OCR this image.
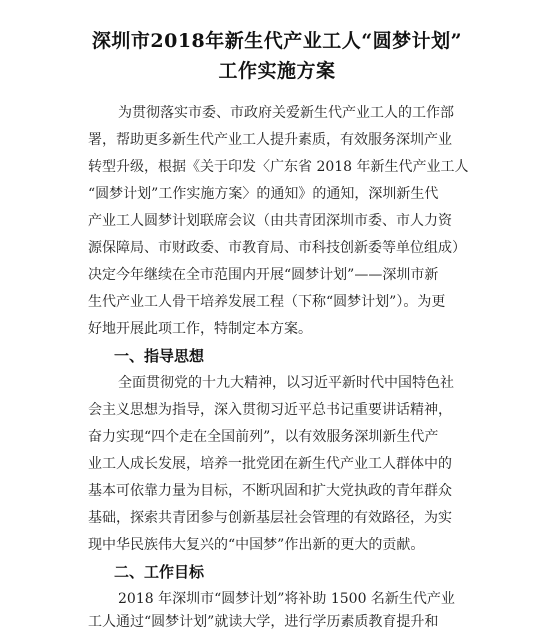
深圳市2018年新生代产业工人“圆梦计划”
工作实施方案
为贯彻落实市委、市政府关爱新生代产业工人的工作部
署，帮助更多新生代产业工人提升素质，有效服务深圳产业
转型升级，根据《关于印发〈广东省 2018 年新生代产业工人
“圆梦计划”工作实施方案〉的通知》的通知，深圳新生代
产业工人圆梦计划联席会议（由共青团深圳市委、市人力资
源保障局、市财政委、市教育局、市科技创新委等单位组成）
决定今年继续在全市范围内开展“圆梦计划”——深圳市新
生代产业工人骨干培养发展工程（下称“圆梦计划”）。为更
好地开展此项工作，特制定本方案。
一、指导思想
全面贯彻党的十九大精神，以习近平新时代中国特色社
会主义思想为指导，深入贯彻习近平总书记重要讲话精神，
奋力实现“四个走在全国前列”，以有效服务深圳新生代产
业工人成长发展，培养一批党团在新生代产业工人群体中的
基本可依靠力量为目标，不断巩固和扩大党执政的青年群众
基础，探索共青团参与创新基层社会管理的有效路径，为实
现中华民族伟大复兴的“中国梦”作出新的更大的贡献。
二、工作目标
2018 年深圳市“圆梦计划”将补助 1500 名新生代产业
工人通过“圆梦计划”就读大学，进行学历素质教育提升和
